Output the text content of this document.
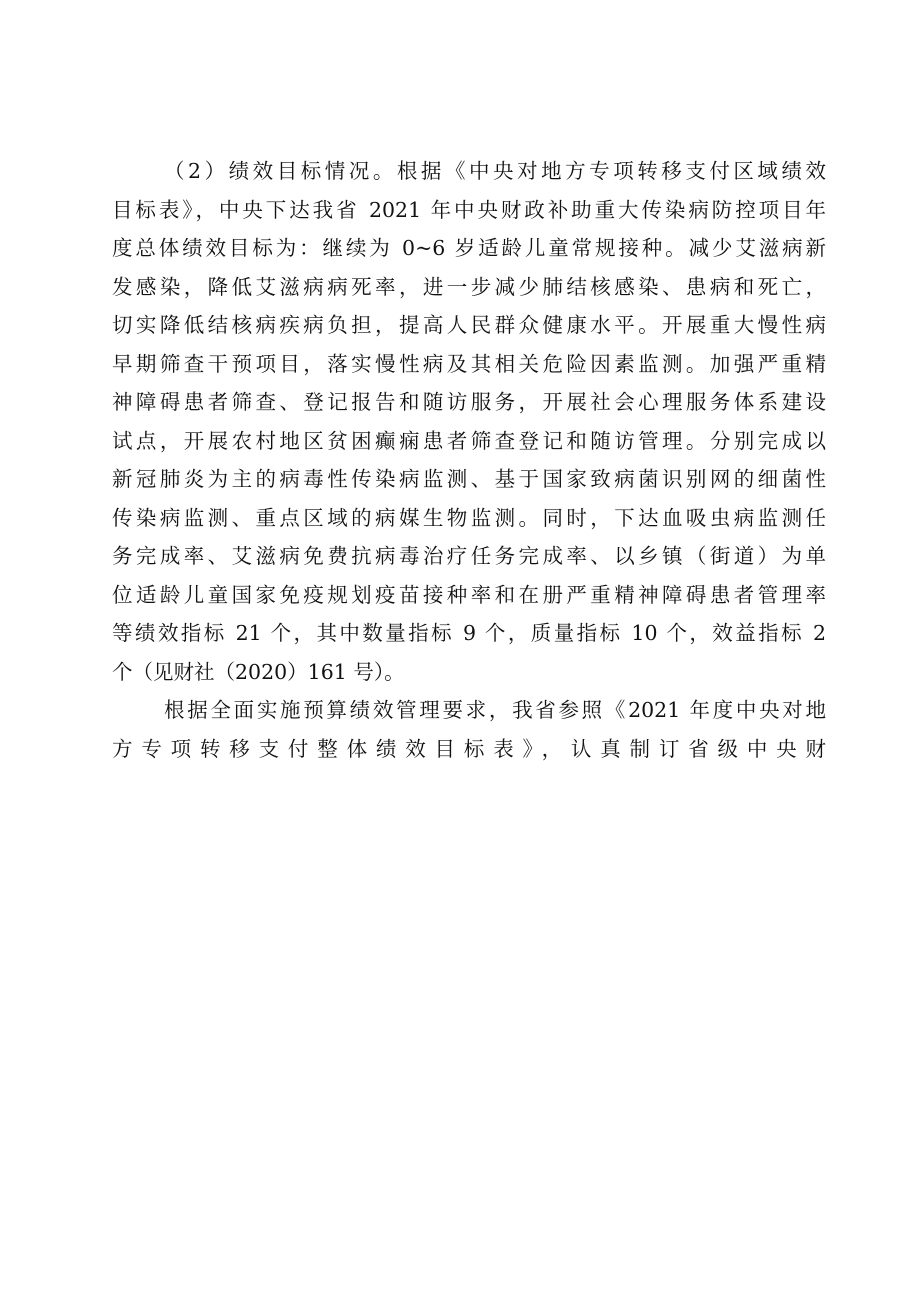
（2）绩效目标情况。根据《中央对地方专项转移支付区域绩效
目标表》，中央下达我省 2021 年中央财政补助重大传染病防控项目年
度总体绩效目标为：继续为 0~6 岁适龄儿童常规接种。减少艾滋病新
发感染，降低艾滋病病死率，进一步减少肺结核感染、患病和死亡，
切实降低结核病疾病负担，提高人民群众健康水平。开展重大慢性病
早期筛查干预项目，落实慢性病及其相关危险因素监测。加强严重精
神障碍患者筛查、登记报告和随访服务，开展社会心理服务体系建设
试点，开展农村地区贫困癫痫患者筛查登记和随访管理。分别完成以
新冠肺炎为主的病毒性传染病监测、基于国家致病菌识别网的细菌性
传染病监测、重点区域的病媒生物监测。同时，下达血吸虫病监测任
务完成率、艾滋病免费抗病毒治疗任务完成率、以乡镇（街道）为单
位适龄儿童国家免疫规划疫苗接种率和在册严重精神障碍患者管理率
等绩效指标 21 个，其中数量指标 9 个，质量指标 10 个，效益指标 2
个（见财社（2020）161 号）。
根据全面实施预算绩效管理要求，我省参照《2021 年度中央对地
方专项转移支付整体绩效目标表》，认真制订省级中央财
